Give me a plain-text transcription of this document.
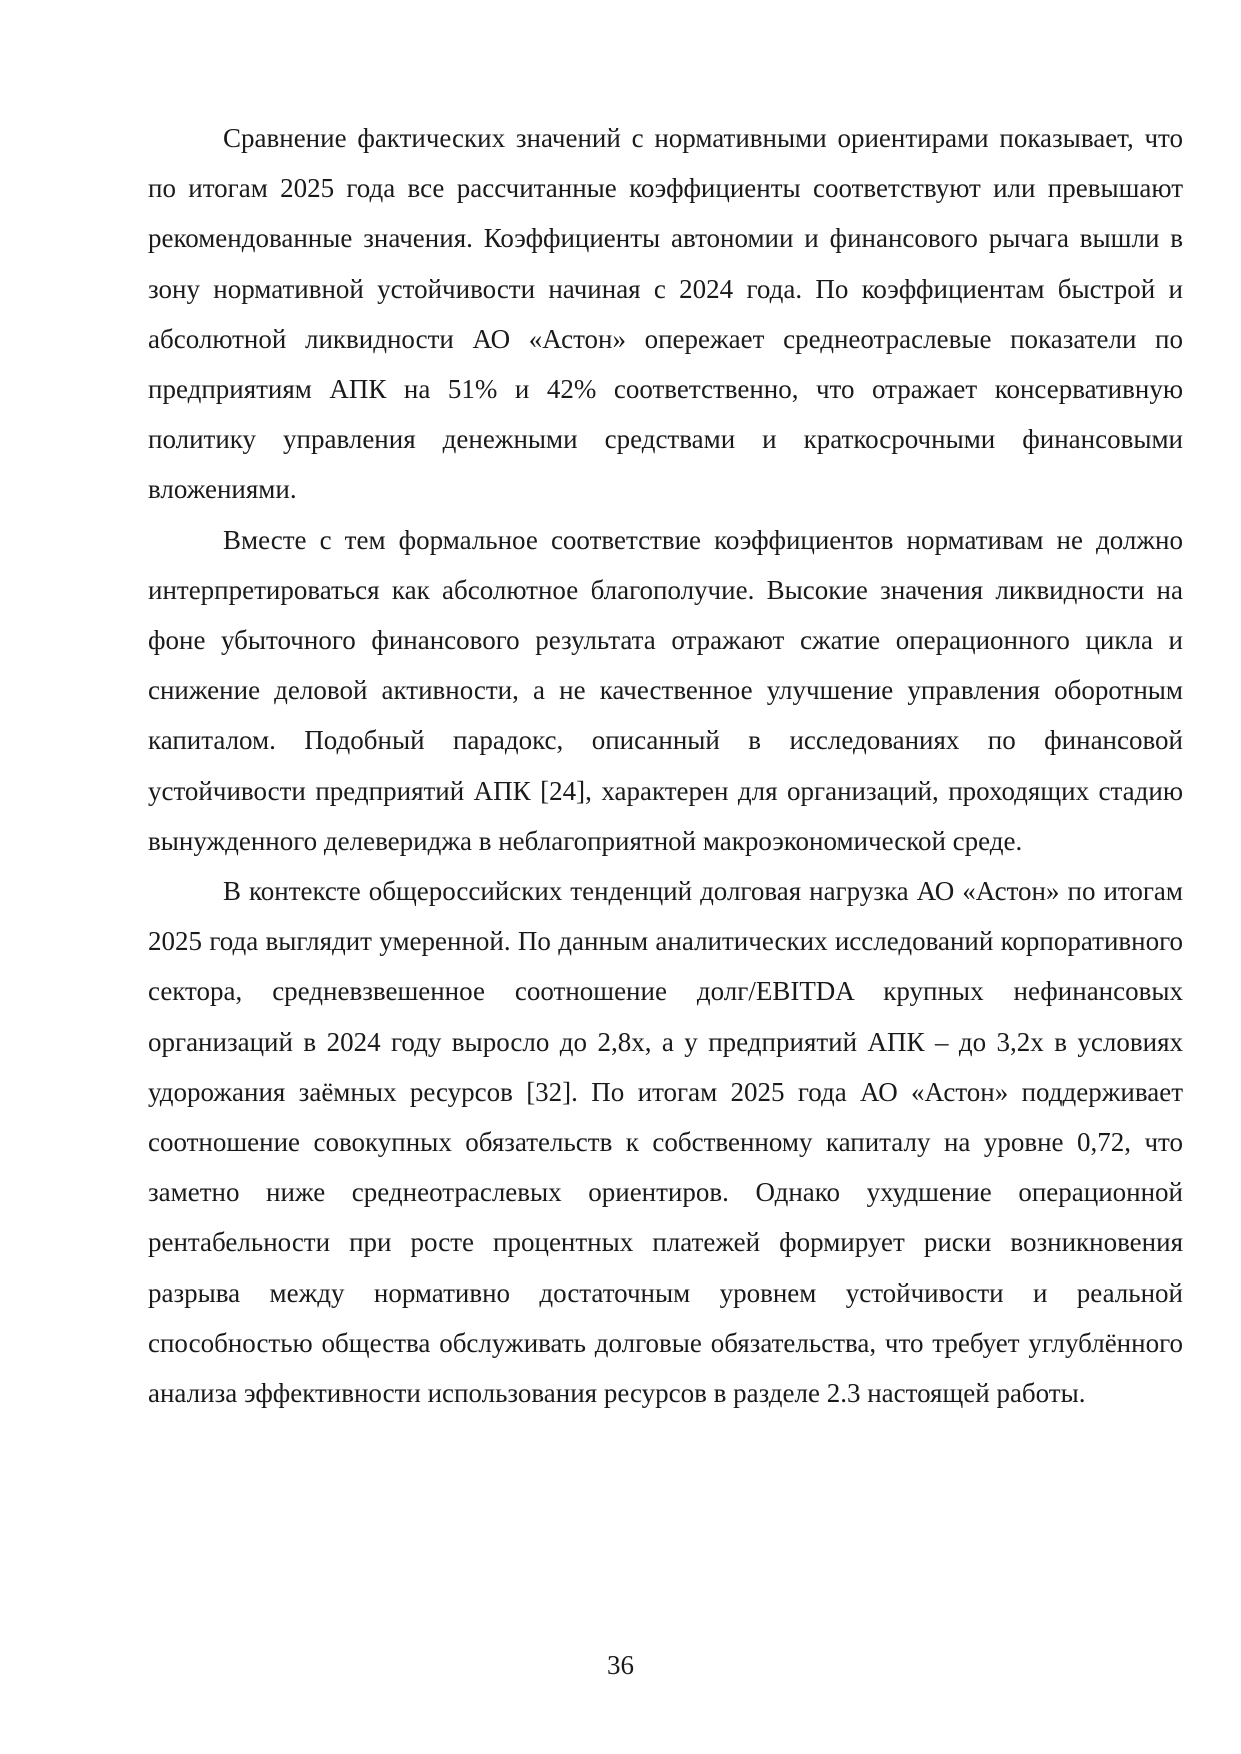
Сравнение фактических значений с нормативными ориентирами показывает, что по итогам 2025 года все рассчитанные коэффициенты соответствуют или превышают рекомендованные значения. Коэффициенты автономии и финансового рычага вышли в зону нормативной устойчивости начиная с 2024 года. По коэффициентам быстрой и абсолютной ликвидности АО «Астон» опережает среднеотраслевые показатели по предприятиям АПК на 51% и 42% соответственно, что отражает консервативную политику управления денежными средствами и краткосрочными финансовыми вложениями.

Вместе с тем формальное соответствие коэффициентов нормативам не должно интерпретироваться как абсолютное благополучие. Высокие значения ликвидности на фоне убыточного финансового результата отражают сжатие операционного цикла и снижение деловой активности, а не качественное улучшение управления оборотным капиталом. Подобный парадокс, описанный в исследованиях по финансовой устойчивости предприятий АПК [24], характерен для организаций, проходящих стадию вынужденного делевериджа в неблагоприятной макроэкономической среде.

В контексте общероссийских тенденций долговая нагрузка АО «Астон» по итогам 2025 года выглядит умеренной. По данным аналитических исследований корпоративного сектора, средневзвешенное соотношение долг/EBITDA крупных нефинансовых организаций в 2024 году выросло до 2,8х, а у предприятий АПК – до 3,2х в условиях удорожания заёмных ресурсов [32]. По итогам 2025 года АО «Астон» поддерживает соотношение совокупных обязательств к собственному капиталу на уровне 0,72, что заметно ниже среднеотраслевых ориентиров. Однако ухудшение операционной рентабельности при росте процентных платежей формирует риски возникновения разрыва между нормативно достаточным уровнем устойчивости и реальной способностью общества обслуживать долговые обязательства, что требует углублённого анализа эффективности использования ресурсов в разделе 2.3 настоящей работы.

36
